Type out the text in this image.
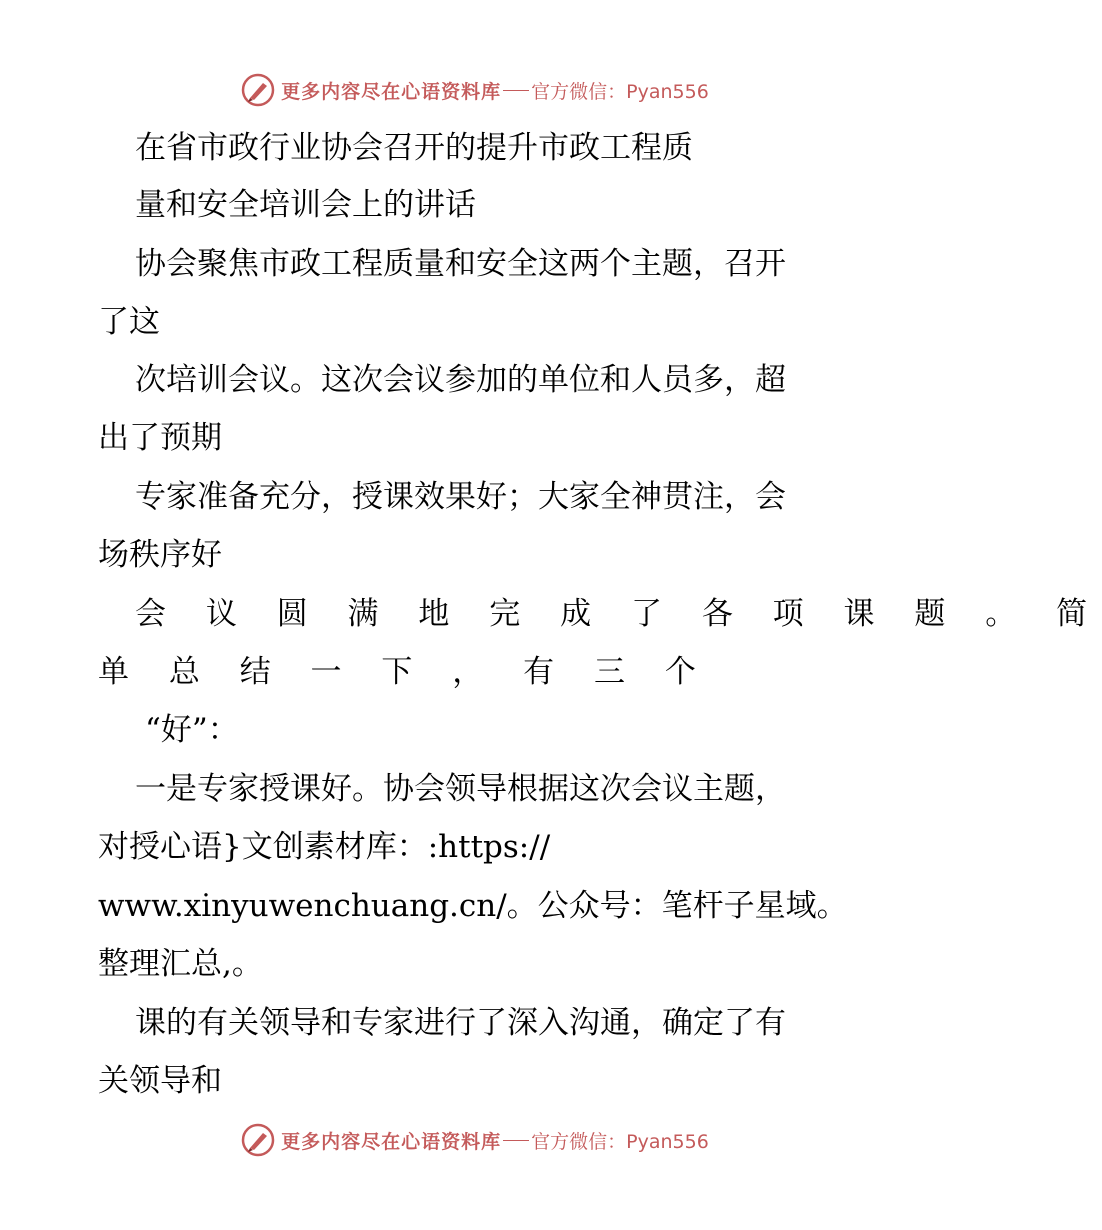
更多内容尽在心语资料库 官方微信：Pyan556
在省市政行业协会召开的提升市政工程质
量和安全培训会上的讲话
协会聚焦市政工程质量和安全这两个主题，召开
了这
次培训会议。这次会议参加的单位和人员多，超
出了预期
专家准备充分，授课效果好；大家全神贯注，会
场秩序好
会 议 圆 满 地 完 成 了 各 项 课 题 。 简
单 总 结 一 下 ， 有 三 个
“好”：
一是专家授课好。协会领导根据这次会议主题，
对授心语}文创素材库：:https://
www.xinyuwenchuang.cn/。公众号：笔杆子星域。
整理汇总,。
课的有关领导和专家进行了深入沟通，确定了有
关领导和
更多内容尽在心语资料库 官方微信：Pyan556
